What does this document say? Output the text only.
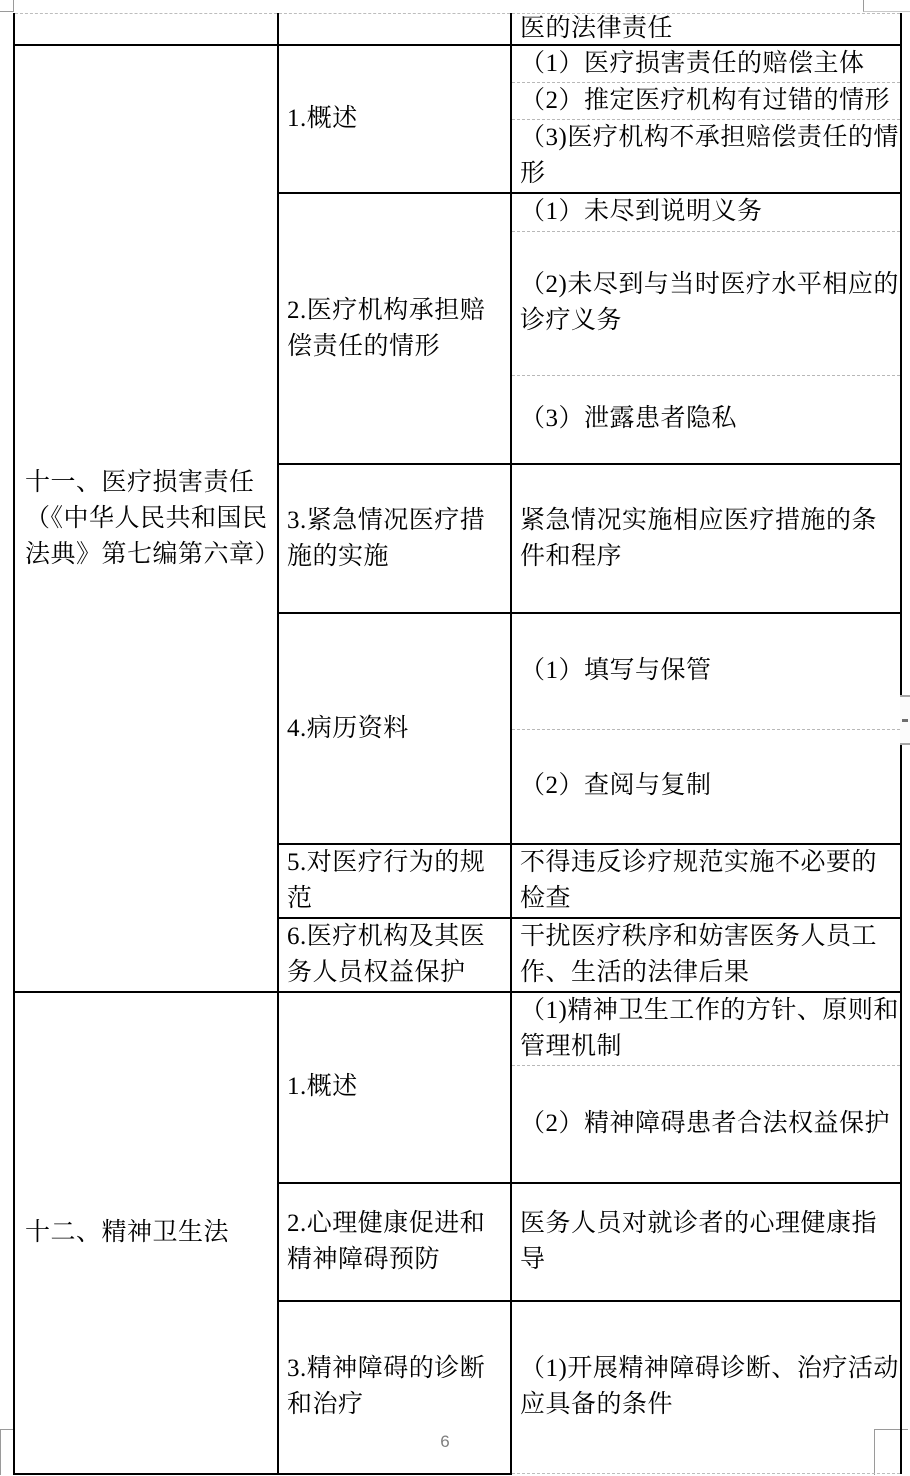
		医的法律责任
十一、医疗损害责任（《中华人民共和国民法典》第七编第六章）	1.概述	（1）医疗损害责任的赔偿主体
		（2）推定医疗机构有过错的情形
		（3)医疗机构不承担赔偿责任的情形
	2.医疗机构承担赔偿责任的情形	（1）未尽到说明义务
		（2)未尽到与当时医疗水平相应的诊疗义务
		（3）泄露患者隐私
	3.紧急情况医疗措施的实施	紧急情况实施相应医疗措施的条件和程序
	4.病历资料	（1）填写与保管
		（2）查阅与复制
	5.对医疗行为的规范	不得违反诊疗规范实施不必要的检查
	6.医疗机构及其医务人员权益保护	干扰医疗秩序和妨害医务人员工作、生活的法律后果
十二、精神卫生法	1.概述	（1)精神卫生工作的方针、原则和管理机制
		（2）精神障碍患者合法权益保护
	2.心理健康促进和精神障碍预防	医务人员对就诊者的心理健康指导
	3.精神障碍的诊断和治疗	（1)开展精神障碍诊断、治疗活动应具备的条件
6
